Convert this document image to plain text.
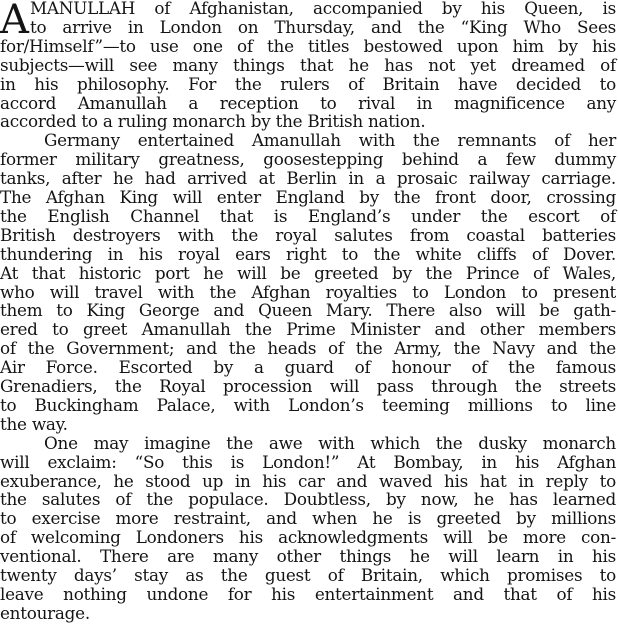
A MANULLAH of Afghanistan, accompanied by his Queen, is
to arrive in London on Thursday, and the “King Who Sees
for/Himself”—to use one of the titles bestowed upon him by his
subjects—will see many things that he has not yet dreamed of
in his philosophy. For the rulers of Britain have decided to
accord Amanullah a reception to rival in magnificence any
accorded to a ruling monarch by the British nation.
Germany entertained Amanullah with the remnants of her
former military greatness, goosestepping behind a few dummy
tanks, after he had arrived at Berlin in a prosaic railway carriage.
The Afghan King will enter England by the front door, crossing
the English Channel that is England’s under the escort of
British destroyers with the royal salutes from coastal batteries
thundering in his royal ears right to the white cliffs of Dover.
At that historic port he will be greeted by the Prince of Wales,
who will travel with the Afghan royalties to London to present
them to King George and Queen Mary. There also will be gath-
ered to greet Amanullah the Prime Minister and other members
of the Government; and the heads of the Army, the Navy and the
Air Force. Escorted by a guard of honour of the famous
Grenadiers, the Royal procession will pass through the streets
to Buckingham Palace, with London’s teeming millions to line
the way.
One may imagine the awe with which the dusky monarch
will exclaim: “So this is London!” At Bombay, in his Afghan
exuberance, he stood up in his car and waved his hat in reply to
the salutes of the populace. Doubtless, by now, he has learned
to exercise more restraint, and when he is greeted by millions
of welcoming Londoners his acknowledgments will be more con-
ventional. There are many other things he will learn in his
twenty days’ stay as the guest of Britain, which promises to
leave nothing undone for his entertainment and that of his
entourage.
